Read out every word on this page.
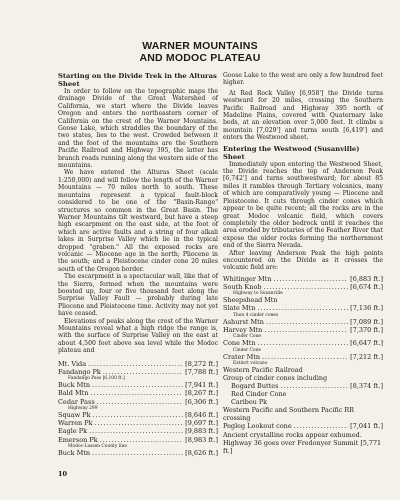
WARNER MOUNTAINS
AND MODOC PLATEAU
Starting on the Divide Trek in the Alturas Sheet

In order to follow on the topographic maps the drainage Divide of the Great Watershed of California, we start where the Divide leaves Oregon and enters the northeastern corner of California on the crest of the Warner Mountains. Goose Lake, which straddles the boundary of the two states, lies to the west. Crowded between it and the foot of the mountains are the Southern Pacific Railroad and Highway 395, the latter has branch roads running along the western side of the mountains.

We have entered the Alturas Sheet (scale 1:250,000) and will follow the length of the Warner Mountains — 70 miles north to south. These mountains represent a typical fault-block considered to be one of the "Basin-Range" structures so common in the Great Basin. The Warner Mountains tilt westward, but have a steep high escarpment on the east side, at the foot of which are active faults and a string of four alkali lakes in Surprise Valley which lie in the typical dropped "graben." All the exposed rocks are volcanic — Miocene age in the north; Pliocene in the south; and a Pleistocene cinder cone 20 miles south of the Oregon border.

The escarpment is a spectacular wall, like that of the Sierra, formed when the mountains were boosted up, four or five thousand feet along the Surprise Valley Fault — probably during late Pliocene and Pleistocene time. Activity may not yet have ceased.

Elevations of peaks along the crest of the Warner Mountains reveal what a high ridge the range is, with the surface of Surprise Valley on the east at about 4,500 feet above sea level while the Modoc plateau and

Mt. Vida .....	[8,272 ft.]
Fandango Pk .....	[7,788 ft.]
Fandango Pass [6,100 ft.]
Buck Mtn .....	[7,941 ft.]
Bald Mtn .....	[8,267 ft.]
Cedar Pass .....	[6,306 ft.]
Highway 299
Squaw Pk .....	[8,646 ft.]
Warren Pk .....	[9,697 ft.]
Eagle Pk .....	[9,883 ft.]
Emerson Pk .....	[8,983 ft.]
Modoc-Lassen County line
Buck Mtn .....	[8,626 ft.]

Goose Lake to the west are only a few hundred feet higher.

At Red Rock Valley [6,958'] the Divide turns westward for 20 miles, crossing the Southern Pacific Railroad and Highway 395 north of Madeline Plains, covered with Quaternary lake beds, at an elevation over 5,000 feet. It climbs a mountain [7,029'] and turns south [6,419'] and enters the Westwood sheet.

Entering the Westwood (Susanville) Sheet

Immediately upon entering the Westwood Sheet, the Divide reaches the top of Anderson Peak [6,742'] and turns southwestward; for about 85 miles it rambles through Tertiary volcanics, many of which are comparatively young — Pliocene and Pleistocene. It cuts through cinder cones which appear to be quite recent; all the rocks are in the great Modoc volcanic field, which covers completely the older bedrock until it reaches the area eroded by tributaries of the Feather River that expose the older rocks forming the northernmost end of the Sierra Nevada.

After leaving Anderson Peak the high points encountered on the Divide as it crosses the volcanic field are:

Whitinger Mtn .....	[6,883 ft.]
South Knob .....	[6,674 ft.]
Highway to Susanville
Sheepshead Mtn
Slate Mtn .....	[7,136 ft.]
Then 4 cinder cones
Ashurst Mtn .....	[7,089 ft.]
Harvey Mtn .....	[7,370 ft.]
Cinder Cone
Cone Mtn .....	[6,647 ft.]
Cinder Cone
Crater Mtn .....	[7,212 ft.]
Extinct volcano
Western Pacific Railroad
Group of cinder cones including
Bogard Buttes .....	[8,374 ft.]
Red Cinder Cone
Caribou Pk
Western Pacific and Southern Pacific RR crossing
Pegleg Lookout cone .....	[7,041 ft.]
Ancient crystalline rocks appear exhumed.
Highway 36 goes over Fredonyer Summit [5,771 ft.]
10
